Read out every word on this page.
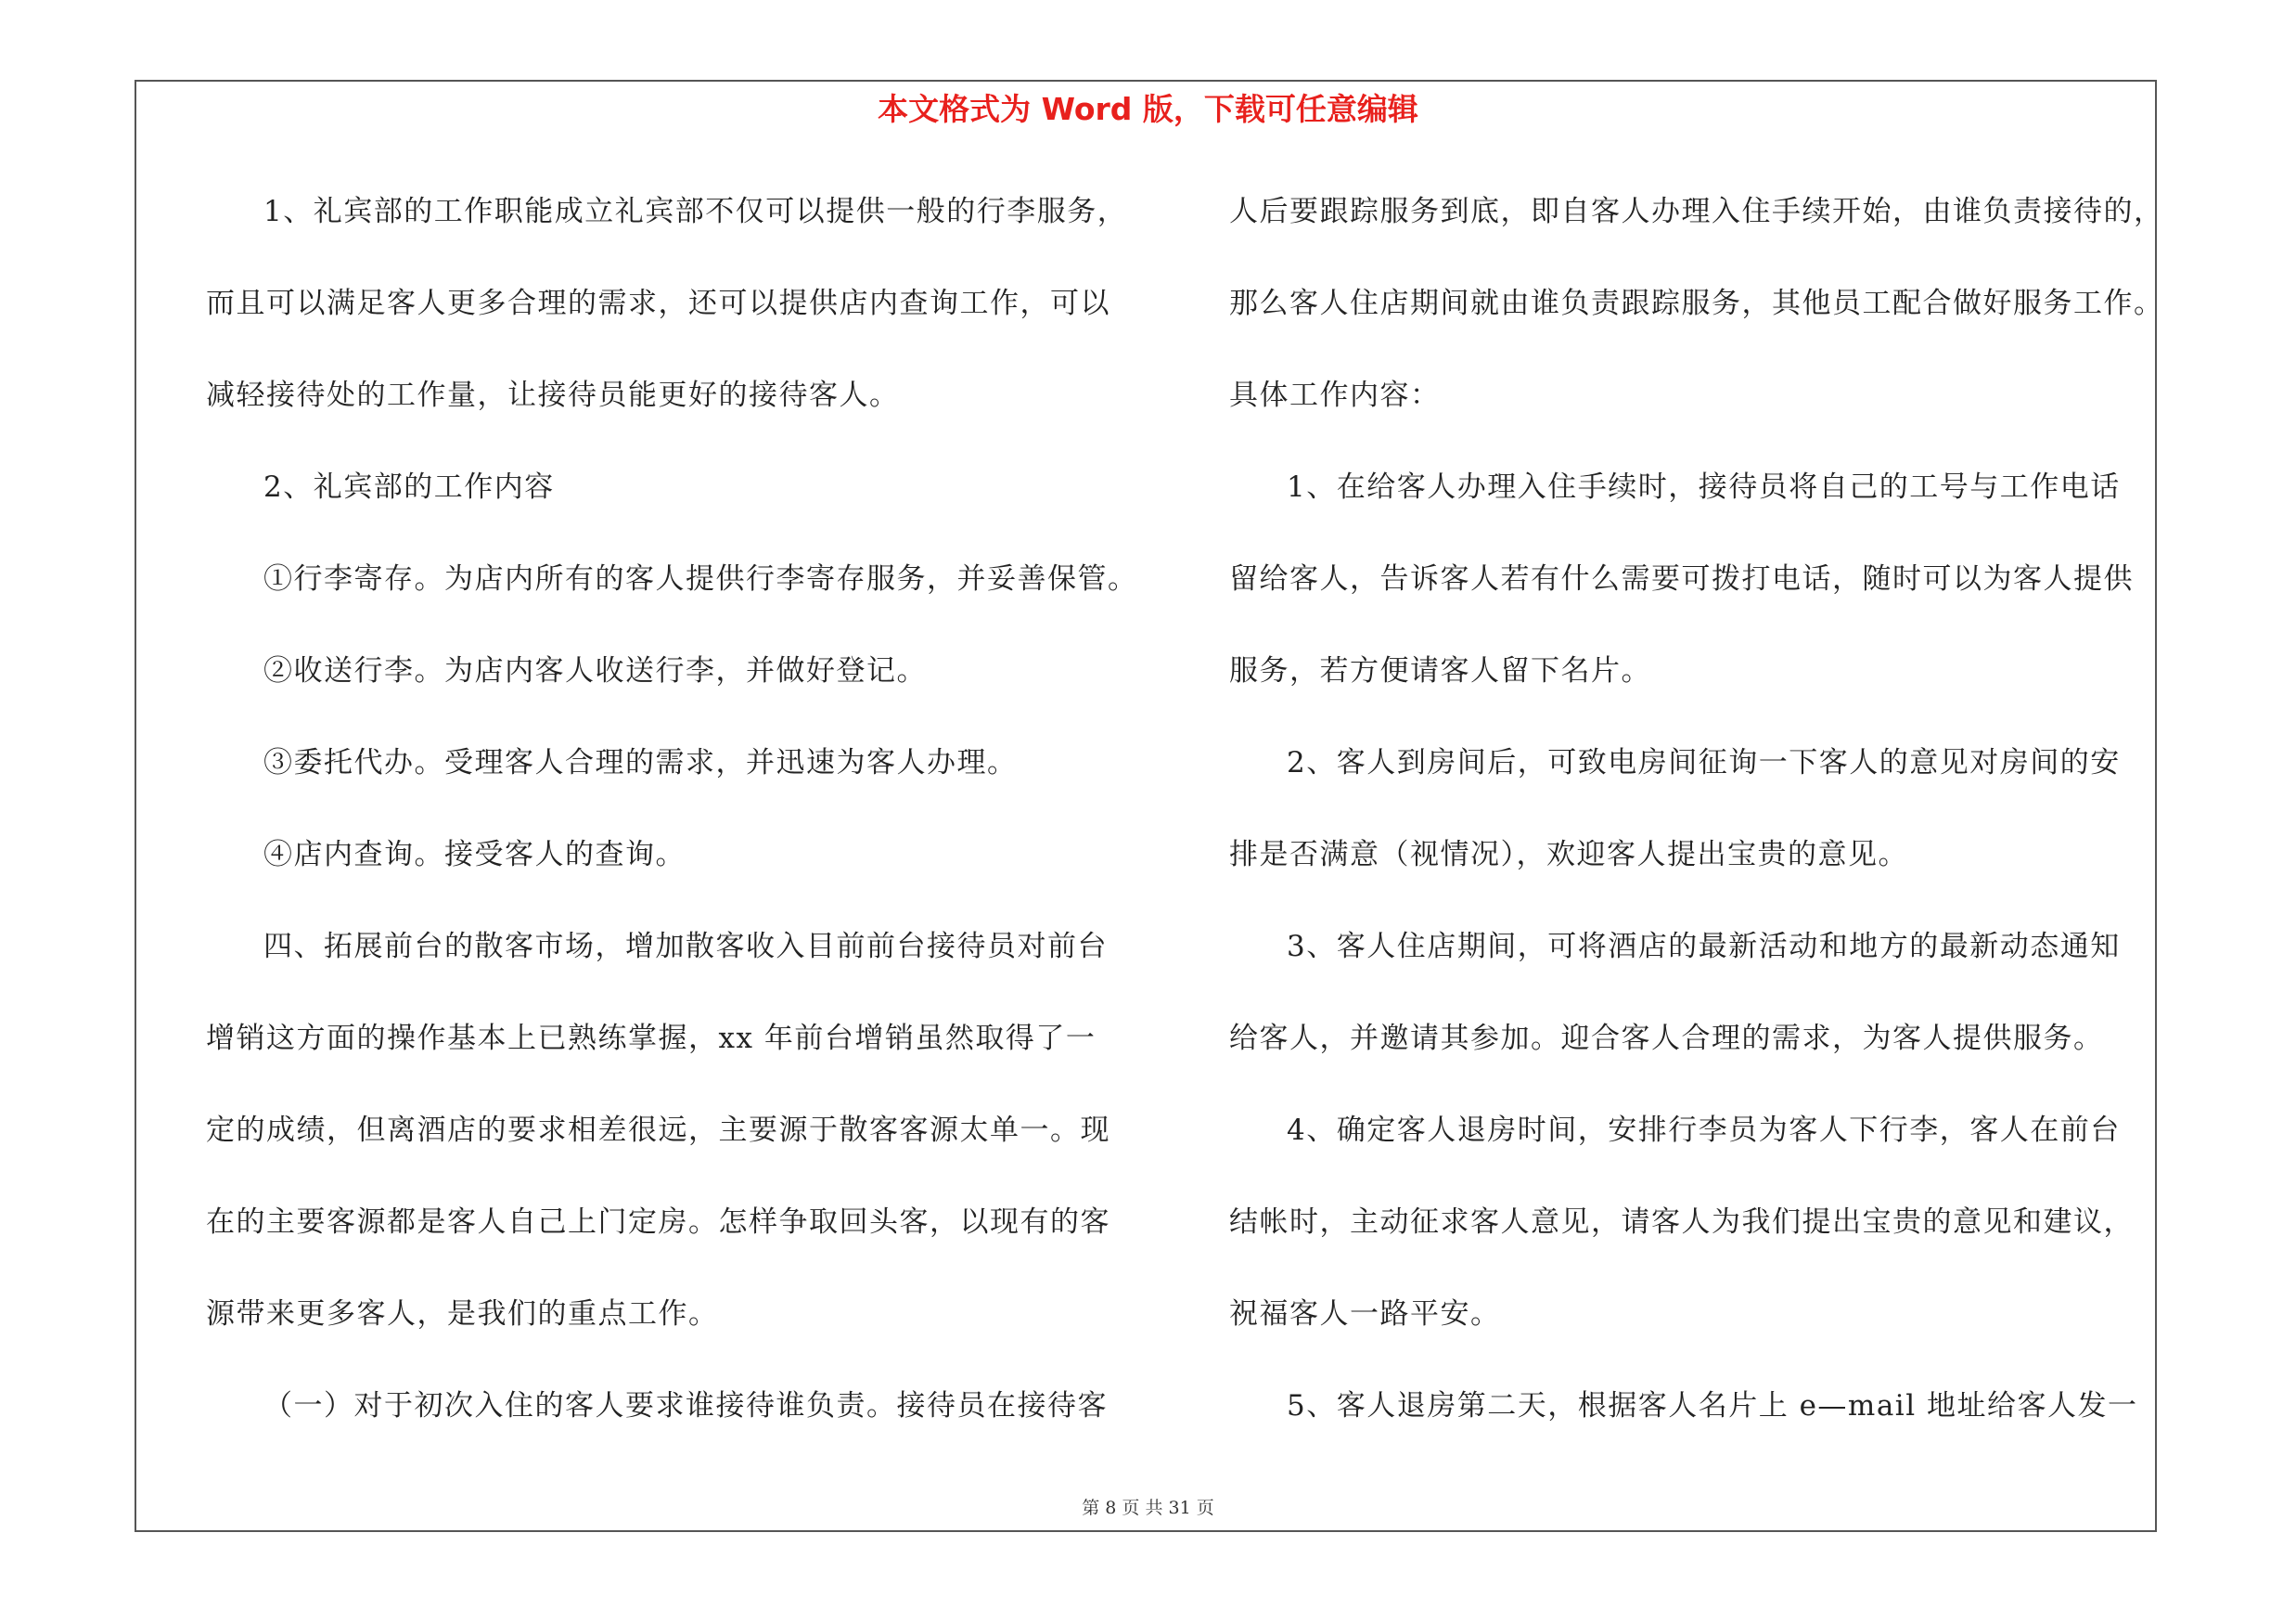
本文格式为 Word 版，下载可任意编辑
1、礼宾部的工作职能成立礼宾部不仅可以提供一般的行李服务，
而且可以满足客人更多合理的需求，还可以提供店内查询工作，可以
减轻接待处的工作量，让接待员能更好的接待客人。
2、礼宾部的工作内容
①行李寄存。为店内所有的客人提供行李寄存服务，并妥善保管。
②收送行李。为店内客人收送行李，并做好登记。
③委托代办。受理客人合理的需求，并迅速为客人办理。
④店内查询。接受客人的查询。
四、拓展前台的散客市场，增加散客收入目前前台接待员对前台
增销这方面的操作基本上已熟练掌握，xx 年前台增销虽然取得了一
定的成绩，但离酒店的要求相差很远，主要源于散客客源太单一。现
在的主要客源都是客人自己上门定房。怎样争取回头客，以现有的客
源带来更多客人，是我们的重点工作。
（一）对于初次入住的客人要求谁接待谁负责。接待员在接待客
人后要跟踪服务到底，即自客人办理入住手续开始，由谁负责接待的，
那么客人住店期间就由谁负责跟踪服务，其他员工配合做好服务工作。
具体工作内容：
1、在给客人办理入住手续时，接待员将自己的工号与工作电话
留给客人，告诉客人若有什么需要可拨打电话，随时可以为客人提供
服务，若方便请客人留下名片。
2、客人到房间后，可致电房间征询一下客人的意见对房间的安
排是否满意（视情况），欢迎客人提出宝贵的意见。
3、客人住店期间，可将酒店的最新活动和地方的最新动态通知
给客人，并邀请其参加。迎合客人合理的需求，为客人提供服务。
4、确定客人退房时间，安排行李员为客人下行李，客人在前台
结帐时，主动征求客人意见，请客人为我们提出宝贵的意见和建议，
祝福客人一路平安。
5、客人退房第二天，根据客人名片上 e—mail 地址给客人发一
第 8 页 共 31 页
